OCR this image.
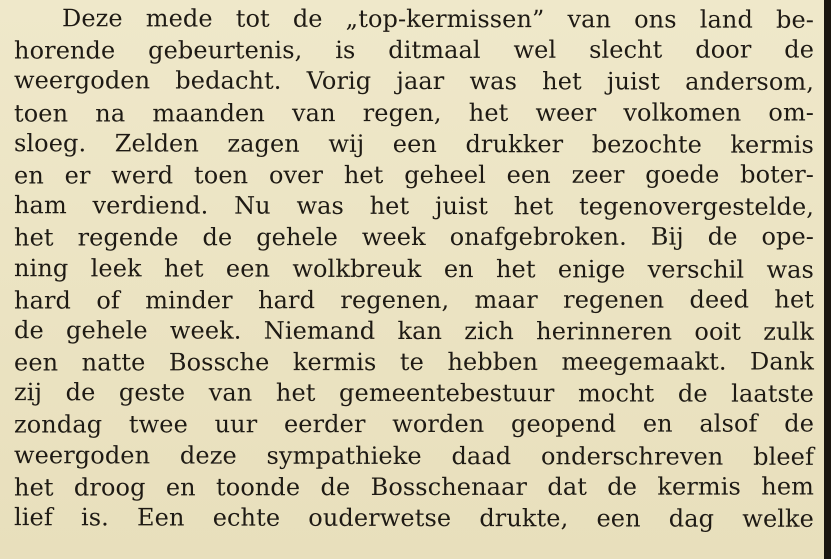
Deze mede tot de „top-kermissen” van ons land be-
horende gebeurtenis, is ditmaal wel slecht door de
weergoden bedacht. Vorig jaar was het juist andersom,
toen na maanden van regen, het weer volkomen om-
sloeg. Zelden zagen wij een drukker bezochte kermis
en er werd toen over het geheel een zeer goede boter-
ham verdiend. Nu was het juist het tegenovergestelde,
het regende de gehele week onafgebroken. Bij de ope-
ning leek het een wolkbreuk en het enige verschil was
hard of minder hard regenen, maar regenen deed het
de gehele week. Niemand kan zich herinneren ooit zulk
een natte Bossche kermis te hebben meegemaakt. Dank
zij de geste van het gemeentebestuur mocht de laatste
zondag twee uur eerder worden geopend en alsof de
weergoden deze sympathieke daad onderschreven bleef
het droog en toonde de Bosschenaar dat de kermis hem
lief is. Een echte ouderwetse drukte, een dag welke
